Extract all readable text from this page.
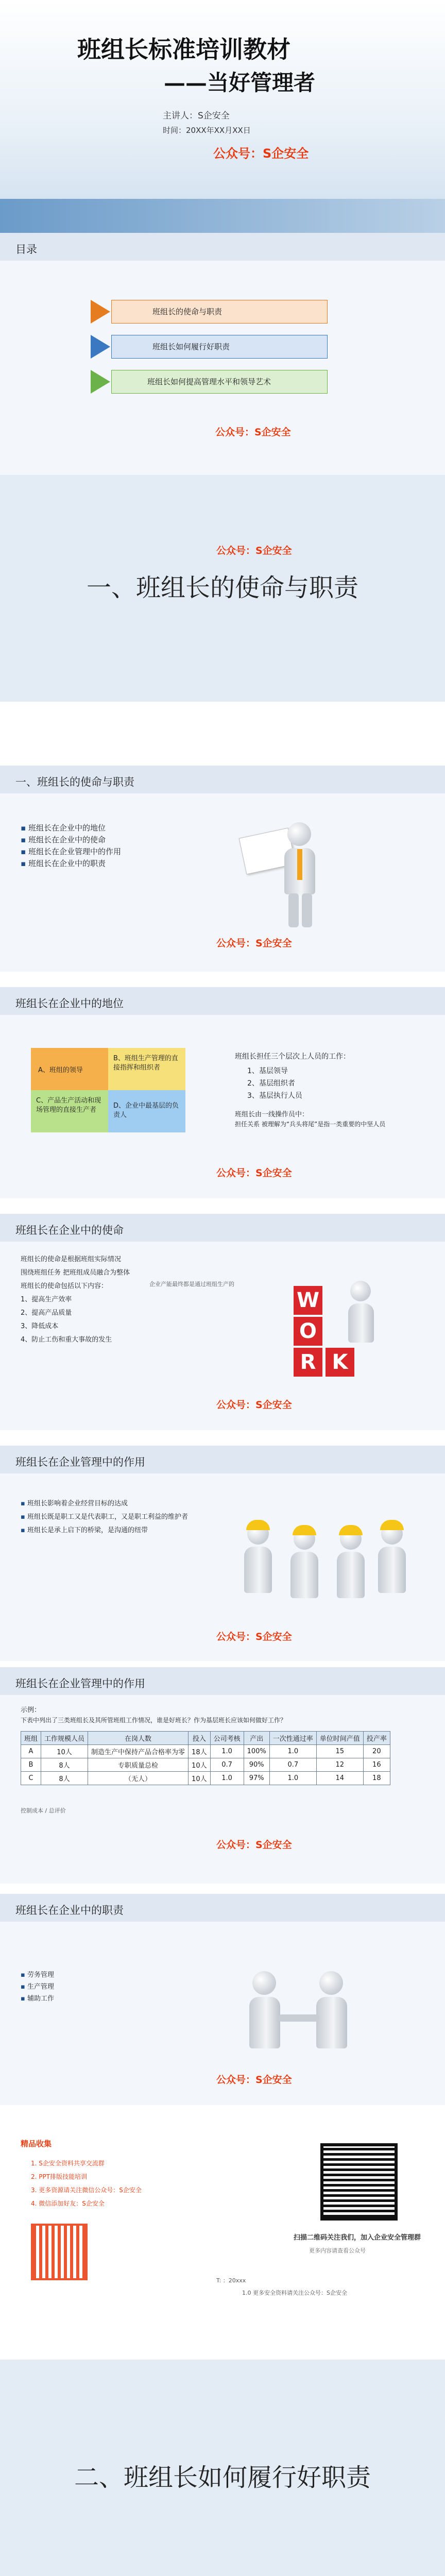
班组长标准培训教材
——当好管理者
主讲人：S企安全
时间：20XX年XX月XX日
公众号：S企安全
目录
班组长的使命与职责
班组长如何履行好职责
班组长如何提高管理水平和领导艺术
公众号：S企安全
一、班组长的使命与职责
公众号：S企安全
一、班组长的使命与职责
▪ 班组长在企业中的地位
▪ 班组长在企业中的使命
▪ 班组长在企业管理中的作用
▪ 班组长在企业中的职责
公众号：S企安全
班组长在企业中的地位
A、班组的领导
B、班组生产管理的直接指挥和组织者
C、产品生产活动和现场管理的直接生产者
D、企业中最基层的负责人
班组长担任三个层次上人员的工作：
1、基层领导
2、基层组织者
3、基层执行人员
班组长由一线操作员中：
担任关系 被理解为“兵头将尾”是指一类重要的中坚人员
公众号：S企安全
班组长在企业中的使命
班组长的使命是根据班组实际情况
围绕班组任务 把班组成员融合为整体
班组长的使命包括以下内容：
1、提高生产效率
2、提高产品质量
3、降低成本
4、防止工伤和重大事故的发生
企业产能最终都是通过班组生产的
W
O
R K
公众号：S企安全
班组长在企业管理中的作用
▪ 班组长影响着企业经营目标的达成
▪ 班组长既是职工又是代表职工，又是职工利益的维护者
▪ 班组长是承上启下的桥梁，是沟通的纽带
公众号：S企安全
班组长在企业管理中的作用
示例：
下表中列出了三类班组长及其所管班组工作情况，谁是好班长？作为基层班长应该如何做好工作？
班组	工作规模人员	在岗人数	投入	公司考核	产出	一次性通过率	单位时间产值	投产率
A	10人	制造生产中保持产品合格率为零	18人	1.0	100%	1.0	15	20
B	8人	专职质量总检	10人	0.7	90%	0.7	12	16
C	8人	（无人）	10人	1.0	97%	1.0	14	18
控制成本 / 总评价
公众号：S企安全
班组长在企业中的职责
▪ 劳务管理
▪ 生产管理
▪ 辅助工作
公众号：S企安全
精品收集
1. S企安全资料共享交流群
2. PPT排版技能培训
3. 更多资源请关注微信公众号：S企安全
4. 微信添加好友：S企安全
扫描二维码关注我们，加入企业安全管理群
更多内容请查看公众号
T: ：20xxx
1.0 更多安全资料请关注公众号：S企安全
二、班组长如何履行好职责
